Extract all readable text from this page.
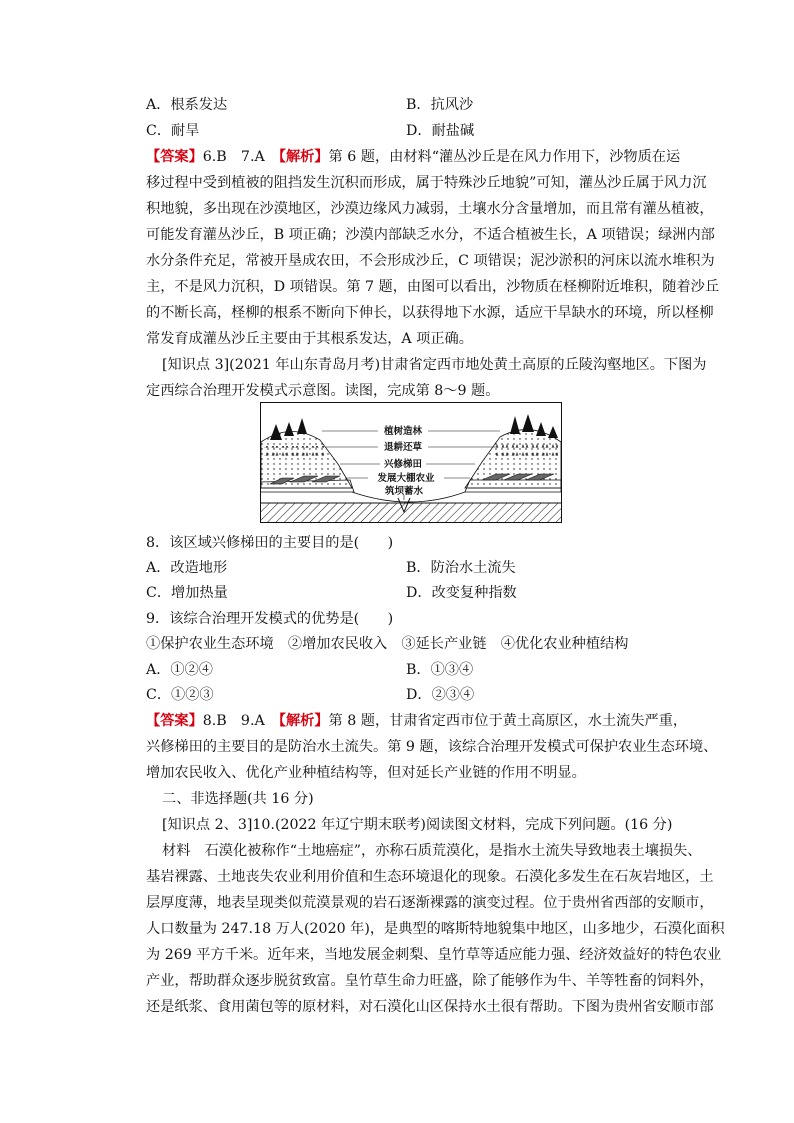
A．根系发达	B．抗风沙
C．耐旱	D．耐盐碱
【答案】6.B　7.A　【解析】第 6 题，由材料“灌丛沙丘是在风力作用下，沙物质在运
移过程中受到植被的阻挡发生沉积而形成，属于特殊沙丘地貌”可知，灌丛沙丘属于风力沉
积地貌，多出现在沙漠地区，沙漠边缘风力减弱，土壤水分含量增加，而且常有灌丛植被，
可能发育灌丛沙丘，B 项正确；沙漠内部缺乏水分，不适合植被生长，A 项错误；绿洲内部
水分条件充足，常被开垦成农田，不会形成沙丘，C 项错误；泥沙淤积的河床以流水堆积为
主，不是风力沉积，D 项错误。第 7 题，由图可以看出，沙物质在柽柳附近堆积，随着沙丘
的不断长高，柽柳的根系不断向下伸长，以获得地下水源，适应干旱缺水的环境，所以柽柳
常发育成灌丛沙丘主要由于其根系发达，A 项正确。
[知识点 3](2021 年山东青岛月考)甘肃省定西市地处黄土高原的丘陵沟壑地区。下图为
定西综合治理开发模式示意图。读图，完成第 8～9 题。
植树造林
退耕还草
兴修梯田
发展大棚农业
筑坝蓄水
8．该区域兴修梯田的主要目的是(　　)
A．改造地形	B．防治水土流失
C．增加热量	D．改变复种指数
9．该综合治理开发模式的优势是(　　)
①保护农业生态环境　②增加农民收入　③延长产业链　④优化农业种植结构
A．①②④	B．①③④
C．①②③	D．②③④
【答案】8.B　9.A　【解析】第 8 题，甘肃省定西市位于黄土高原区，水土流失严重，
兴修梯田的主要目的是防治水土流失。第 9 题，该综合治理开发模式可保护农业生态环境、
增加农民收入、优化产业种植结构等，但对延长产业链的作用不明显。
二、非选择题(共 16 分)
[知识点 2、3]10.(2022 年辽宁期末联考)阅读图文材料，完成下列问题。(16 分)
材料　石漠化被称作“土地癌症”，亦称石质荒漠化，是指水土流失导致地表土壤损失、
基岩裸露、土地丧失农业利用价值和生态环境退化的现象。石漠化多发生在石灰岩地区，土
层厚度薄，地表呈现类似荒漠景观的岩石逐渐裸露的演变过程。位于贵州省西部的安顺市，
人口数量为 247.18 万人(2020 年)，是典型的喀斯特地貌集中地区，山多地少，石漠化面积
为 269 平方千米。近年来，当地发展金刺梨、皇竹草等适应能力强、经济效益好的特色农业
产业，帮助群众逐步脱贫致富。皇竹草生命力旺盛，除了能够作为牛、羊等牲畜的饲料外，
还是纸浆、食用菌包等的原材料，对石漠化山区保持水土很有帮助。下图为贵州省安顺市部
